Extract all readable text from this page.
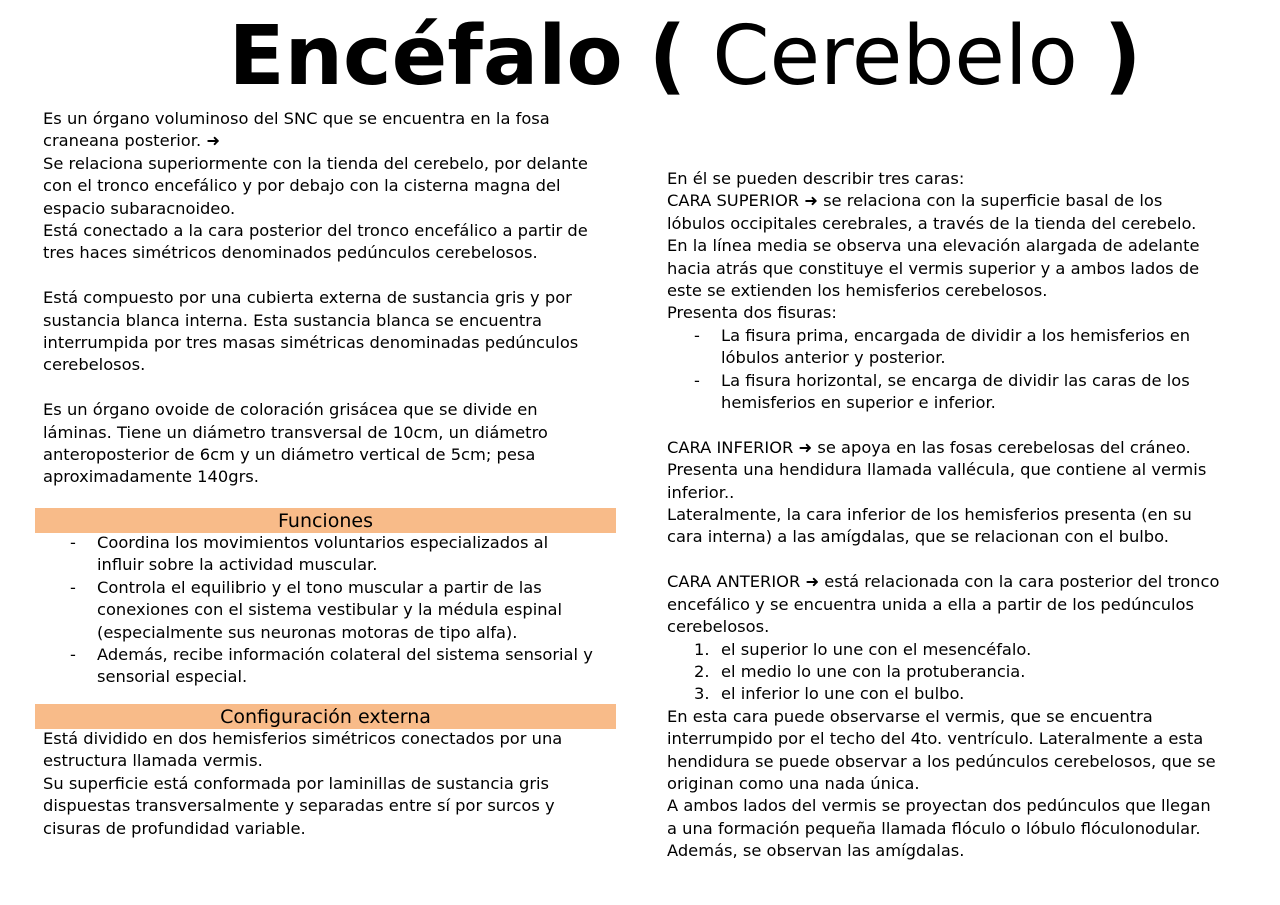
Encéfalo ( Cerebelo )

Es un órgano voluminoso del SNC que se encuentra en la fosa

craneana posterior. ➜

Se relaciona superiormente con la tienda del cerebelo, por delante

con el tronco encefálico y por debajo con la cisterna magna del

espacio subaracnoideo.

Está conectado a la cara posterior del tronco encefálico a partir de

tres haces simétricos denominados pedúnculos cerebelosos.

Está compuesto por una cubierta externa de sustancia gris y por

sustancia blanca interna. Esta sustancia blanca se encuentra

interrumpida por tres masas simétricas denominadas pedúnculos

cerebelosos.

Es un órgano ovoide de coloración grisácea que se divide en

láminas. Tiene un diámetro transversal de 10cm, un diámetro

anteroposterior de 6cm y un diámetro vertical de 5cm; pesa

aproximadamente 140grs.

Funciones
- Coordina los movimientos voluntarios especializados al
influir sobre la actividad muscular.
- Controla el equilibrio y el tono muscular a partir de las
conexiones con el sistema vestibular y la médula espinal
(especialmente sus neuronas motoras de tipo alfa).
- Además, recibe información colateral del sistema sensorial y
sensorial especial.
Configuración externa

Está dividido en dos hemisferios simétricos conectados por una

estructura llamada vermis.

Su superficie está conformada por laminillas de sustancia gris

dispuestas transversalmente y separadas entre sí por surcos y

cisuras de profundidad variable.

En él se pueden describir tres caras:

CARA SUPERIOR ➜ se relaciona con la superficie basal de los

lóbulos occipitales cerebrales, a través de la tienda del cerebelo.

En la línea media se observa una elevación alargada de adelante

hacia atrás que constituye el vermis superior y a ambos lados de

este se extienden los hemisferios cerebelosos.

Presenta dos fisuras:

- La fisura prima, encargada de dividir a los hemisferios en
lóbulos anterior y posterior.
- La fisura horizontal, se encarga de dividir las caras de los
hemisferios en superior e inferior.

CARA INFERIOR ➜ se apoya en las fosas cerebelosas del cráneo.

Presenta una hendidura llamada vallécula, que contiene al vermis

inferior..

Lateralmente, la cara inferior de los hemisferios presenta (en su

cara interna) a las amígdalas, que se relacionan con el bulbo.

CARA ANTERIOR ➜ está relacionada con la cara posterior del tronco

encefálico y se encuentra unida a ella a partir de los pedúnculos

cerebelosos.

1. el superior lo une con el mesencéfalo.
2. el medio lo une con la protuberancia.
3. el inferior lo une con el bulbo.

En esta cara puede observarse el vermis, que se encuentra

interrumpido por el techo del 4to. ventrículo. Lateralmente a esta

hendidura se puede observar a los pedúnculos cerebelosos, que se

originan como una nada única.

A ambos lados del vermis se proyectan dos pedúnculos que llegan

a una formación pequeña llamada flóculo o lóbulo flóculonodular.

Además, se observan las amígdalas.
